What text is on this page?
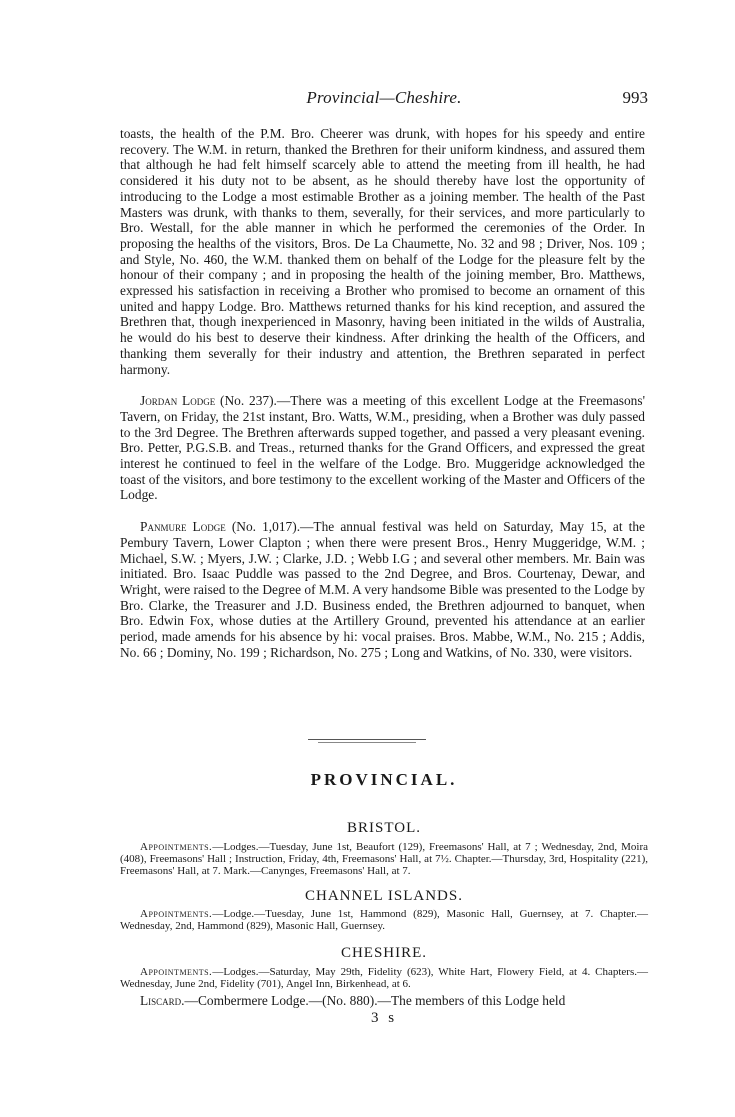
Provincial—Cheshire.	993

toasts, the health of the P.M. Bro. Cheerer was drunk, with hopes for his speedy and entire recovery. The W.M. in return, thanked the Brethren for their uniform kindness, and assured them that although he had felt himself scarcely able to attend the meeting from ill health, he had considered it his duty not to be absent, as he should thereby have lost the opportunity of introducing to the Lodge a most estimable Brother as a joining member. The health of the Past Masters was drunk, with thanks to them, severally, for their services, and more particularly to Bro. Westall, for the able manner in which he performed the ceremonies of the Order. In proposing the healths of the visitors, Bros. De La Chaumette, No. 32 and 98 ; Driver, Nos. 109 ; and Style, No. 460, the W.M. thanked them on behalf of the Lodge for the pleasure felt by the honour of their company ; and in proposing the health of the joining member, Bro. Matthews, expressed his satisfaction in receiving a Brother who promised to become an ornament of this united and happy Lodge. Bro. Matthews returned thanks for his kind reception, and assured the Brethren that, though inexperienced in Masonry, having been initiated in the wilds of Australia, he would do his best to deserve their kindness. After drinking the health of the Officers, and thanking them severally for their industry and attention, the Brethren separated in perfect harmony.

Jordan Lodge (No. 237).—There was a meeting of this excellent Lodge at the Freemasons' Tavern, on Friday, the 21st instant, Bro. Watts, W.M., presiding, when a Brother was duly passed to the 3rd Degree. The Brethren afterwards supped together, and passed a very pleasant evening. Bro. Petter, P.G.S.B. and Treas., returned thanks for the Grand Officers, and expressed the great interest he continued to feel in the welfare of the Lodge. Bro. Muggeridge acknowledged the toast of the visitors, and bore testimony to the excellent working of the Master and Officers of the Lodge.

Panmure Lodge (No. 1,017).—The annual festival was held on Saturday, May 15, at the Pembury Tavern, Lower Clapton ; when there were present Bros., Henry Muggeridge, W.M. ; Michael, S.W. ; Myers, J.W. ; Clarke, J.D. ; Webb I.G ; and several other members. Mr. Bain was initiated. Bro. Isaac Puddle was passed to the 2nd Degree, and Bros. Courtenay, Dewar, and Wright, were raised to the Degree of M.M. A very handsome Bible was presented to the Lodge by Bro. Clarke, the Treasurer and J.D. Business ended, the Brethren adjourned to banquet, when Bro. Edwin Fox, whose duties at the Artillery Ground, prevented his attendance at an earlier period, made amends for his absence by hi: vocal praises. Bros. Mabbe, W.M., No. 215 ; Addis, No. 66 ; Dominy, No. 199 ; Richardson, No. 275 ; Long and Watkins, of No. 330, were visitors.

PROVINCIAL.
BRISTOL.

Appointments.—Lodges.—Tuesday, June 1st, Beaufort (129), Freemasons' Hall, at 7 ; Wednesday, 2nd, Moira (408), Freemasons' Hall ; Instruction, Friday, 4th, Freemasons' Hall, at 7½. Chapter.—Thursday, 3rd, Hospitality (221), Freemasons' Hall, at 7. Mark.—Canynges, Freemasons' Hall, at 7.

CHANNEL ISLANDS.

Appointments.—Lodge.—Tuesday, June 1st, Hammond (829), Masonic Hall, Guernsey, at 7. Chapter.—Wednesday, 2nd, Hammond (829), Masonic Hall, Guernsey.

CHESHIRE.

Appointments.—Lodges.—Saturday, May 29th, Fidelity (623), White Hart, Flowery Field, at 4. Chapters.—Wednesday, June 2nd, Fidelity (701), Angel Inn, Birkenhead, at 6.

Liscard.—Combermere Lodge.—(No. 880).—The members of this Lodge held
3 s
